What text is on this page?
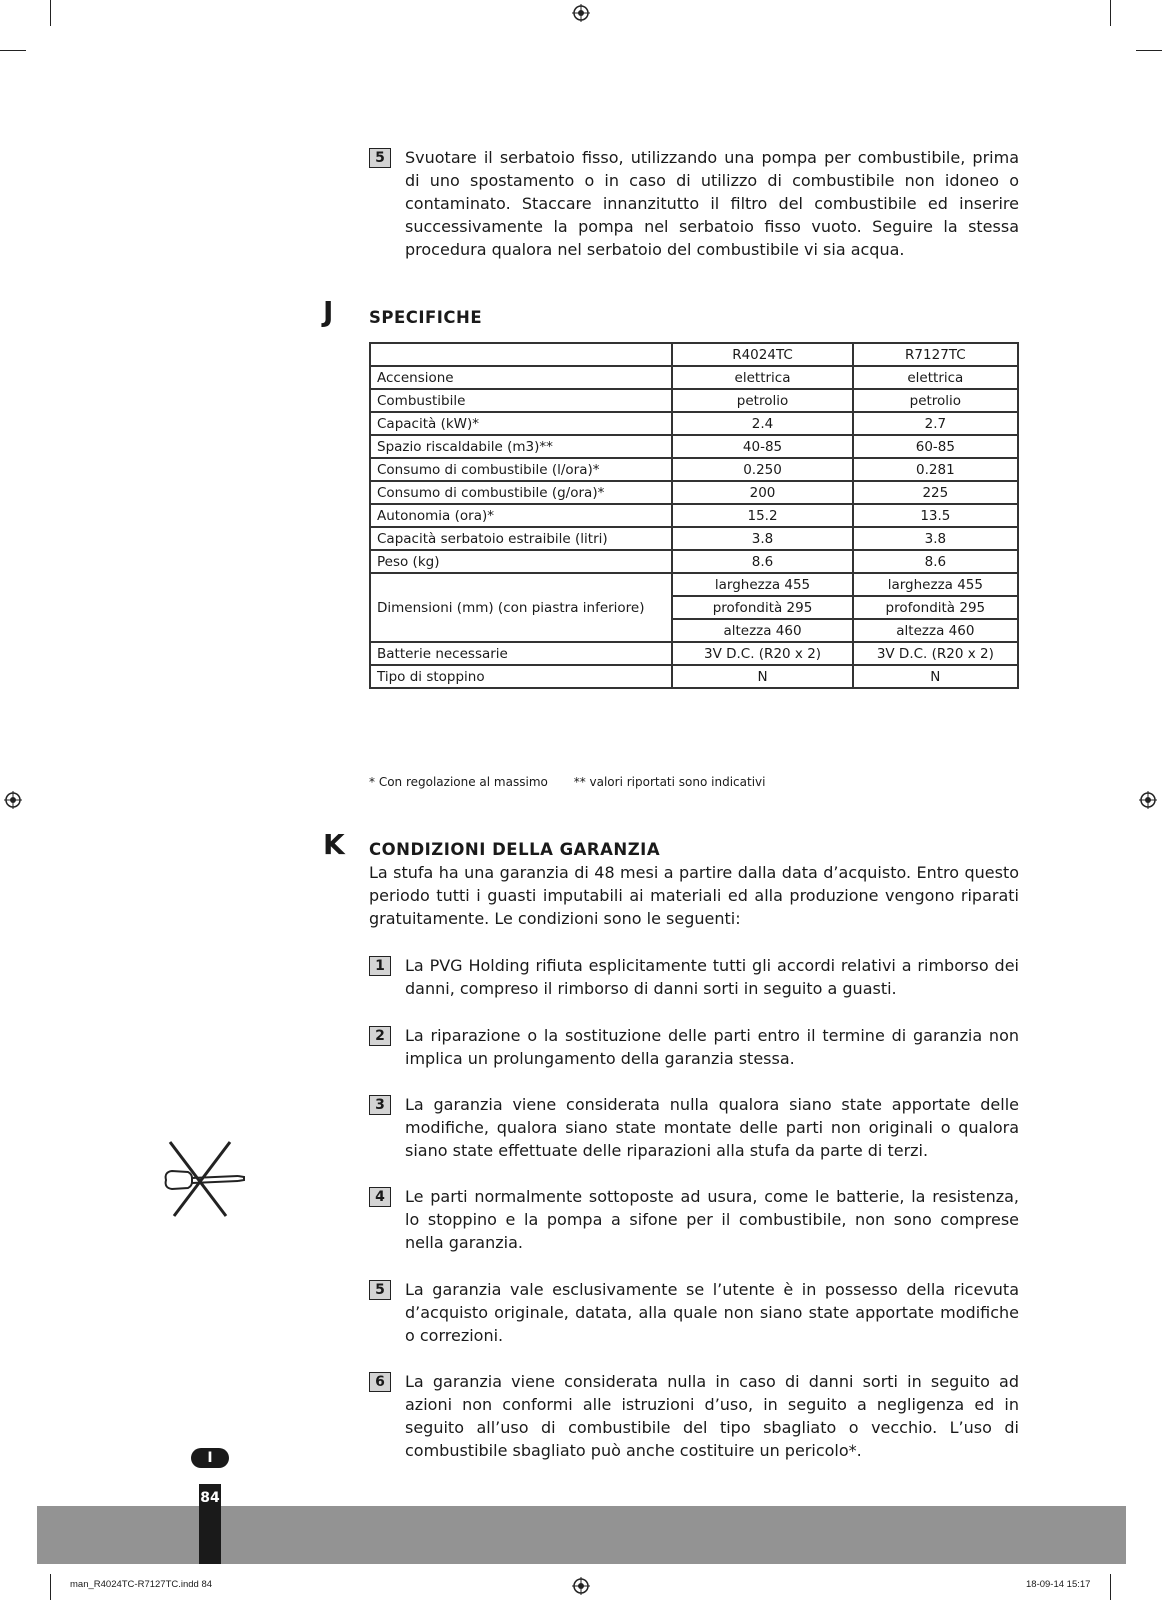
5	Svuotare il serbatoio fisso, utilizzando una pompa per combustibile, prima di uno spostamento o in caso di utilizzo di combustibile non idoneo o contaminato. Staccare innanzitutto il filtro del combustibile ed inserire successivamente la pompa nel serbatoio fisso vuoto. Seguire la stessa procedura qualora nel serbatoio del combustibile vi sia acqua.
J SPECIFICHE
	R4024TC	R7127TC
Accensione	elettrica	elettrica
Combustibile	petrolio	petrolio
Capacità (kW)*	2.4	2.7
Spazio riscaldabile (m3)**	40-85	60-85
Consumo di combustibile (l/ora)*	0.250	0.281
Consumo di combustibile (g/ora)*	200	225
Autonomia (ora)*	15.2	13.5
Capacità serbatoio estraibile (litri)	3.8	3.8
Peso (kg)	8.6	8.6
Dimensioni (mm) (con piastra inferiore)	larghezza 455	larghezza 455
	profondità 295	profondità 295
	altezza 460	altezza 460
Batterie necessarie	3V D.C. (R20 x 2)	3V D.C. (R20 x 2)
Tipo di stoppino	N	N
* Con regolazione al massimo ** valori riportati sono indicativi
K CONDIZIONI DELLA GARANZIA
La stufa ha una garanzia di 48 mesi a partire dalla data d’acquisto. Entro questo periodo tutti i guasti imputabili ai materiali ed alla produzione vengono riparati gratuitamente. Le condizioni sono le seguenti:
1	La PVG Holding rifiuta esplicitamente tutti gli accordi relativi a rimborso dei danni, compreso il rimborso di danni sorti in seguito a guasti.
2	La riparazione o la sostituzione delle parti entro il termine di garanzia non implica un prolungamento della garanzia stessa.
3	La garanzia viene considerata nulla qualora siano state apportate delle modifiche, qualora siano state montate delle parti non originali o qualora siano state effettuate delle riparazioni alla stufa da parte di terzi.
4	Le parti normalmente sottoposte ad usura, come le batterie, la resistenza, lo stoppino e la pompa a sifone per il combustibile, non sono comprese nella garanzia.
5	La garanzia vale esclusivamente se l’utente è in possesso della ricevuta d’acquisto originale, datata, alla quale non siano state apportate modifiche o correzioni.
6	La garanzia viene considerata nulla in caso di danni sorti in seguito ad azioni non conformi alle istruzioni d’uso, in seguito a negligenza ed in seguito all’uso di combustibile del tipo sbagliato o vecchio. L’uso di combustibile sbagliato può anche costituire un pericolo*.
84
I
man_R4024TC-R7127TC.indd 84	18-09-14 15:17
